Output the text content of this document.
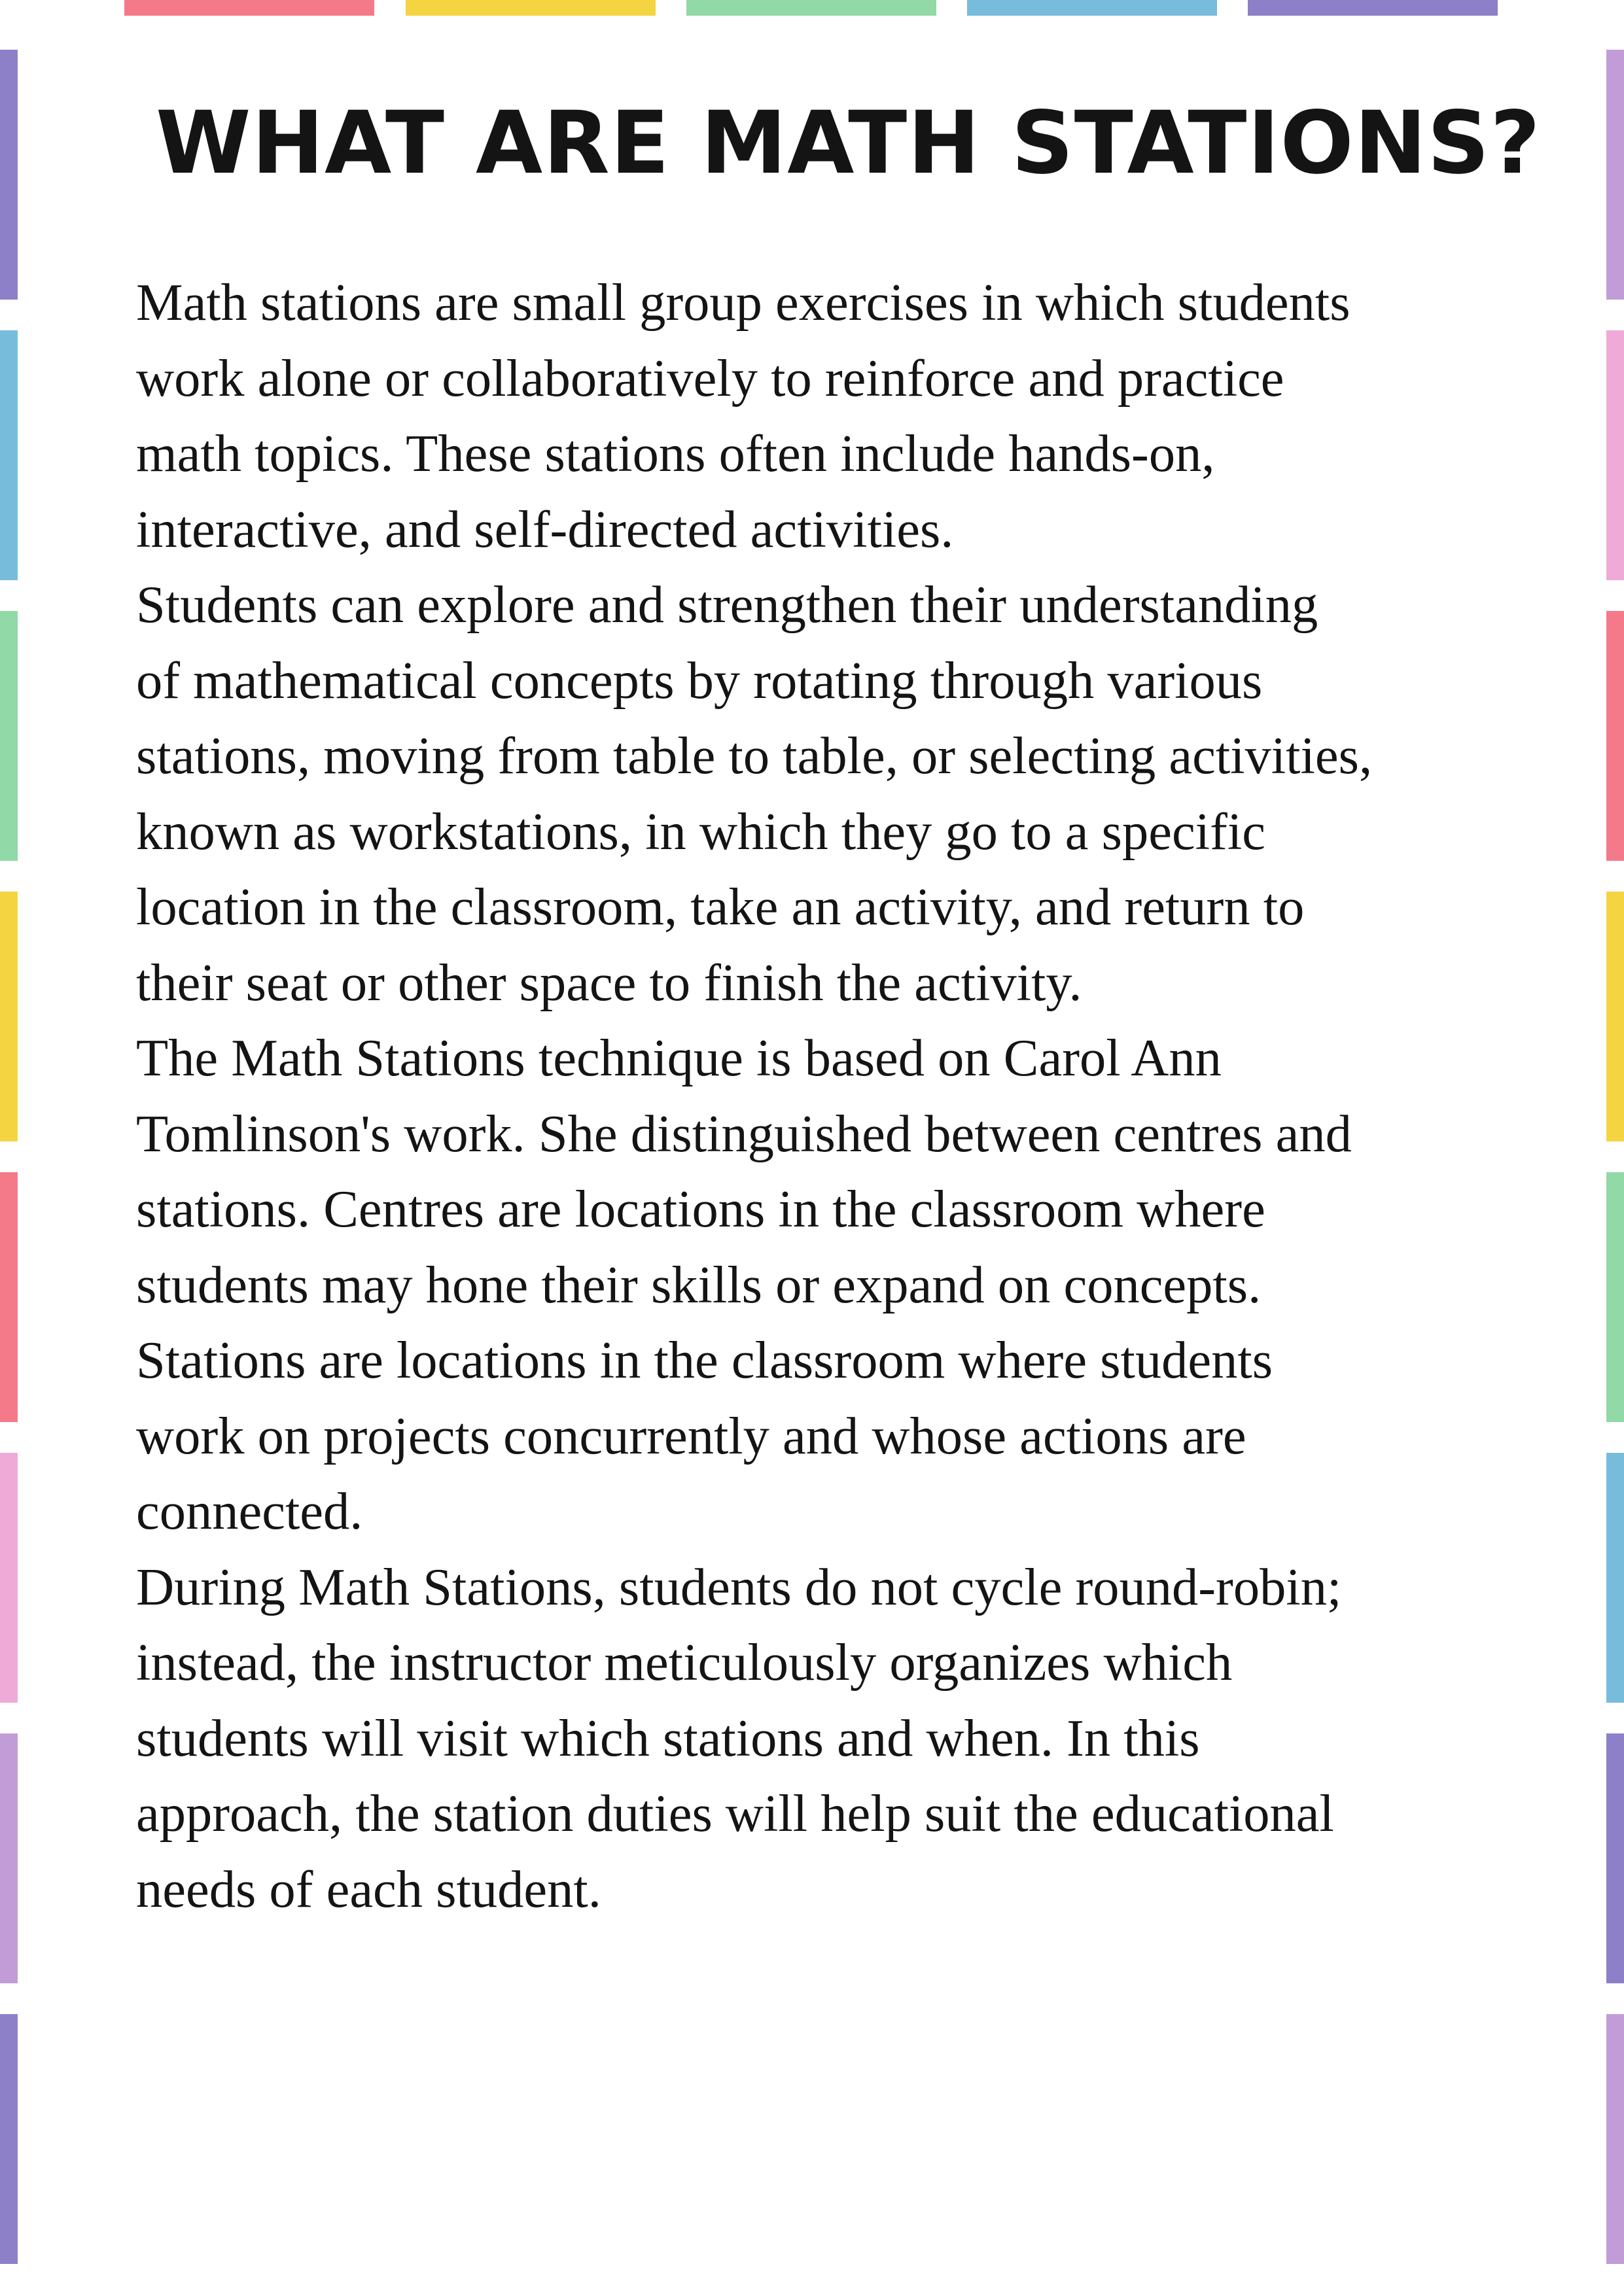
WHAT ARE MATH STATIONS?
Math stations are small group exercises in which students
work alone or collaboratively to reinforce and practice
math topics. These stations often include hands-on,
interactive, and self-directed activities.
Students can explore and strengthen their understanding
of mathematical concepts by rotating through various
stations, moving from table to table, or selecting activities,
known as workstations, in which they go to a specific
location in the classroom, take an activity, and return to
their seat or other space to finish the activity.
The Math Stations technique is based on Carol Ann
Tomlinson's work. She distinguished between centres and
stations. Centres are locations in the classroom where
students may hone their skills or expand on concepts.
Stations are locations in the classroom where students
work on projects concurrently and whose actions are
connected.
During Math Stations, students do not cycle round-robin;
instead, the instructor meticulously organizes which
students will visit which stations and when. In this
approach, the station duties will help suit the educational
needs of each student.
